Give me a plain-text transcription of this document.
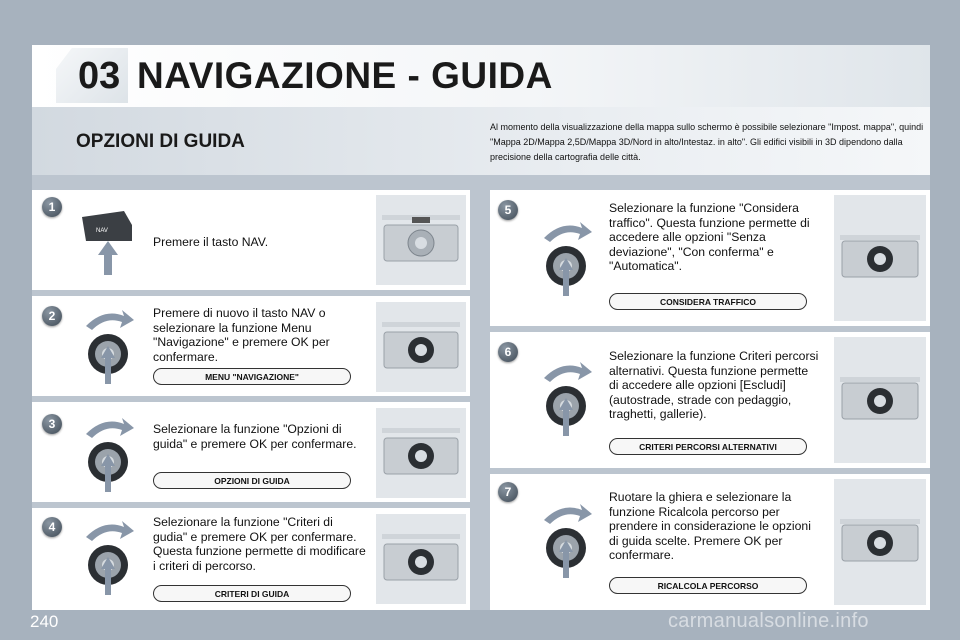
03 NAVIGAZIONE - GUIDA
OPZIONI DI GUIDA
Al momento della visualizzazione della mappa sullo schermo è possibile selezionare "Impost. mappa", quindi "Mappa 2D/Mappa 2,5D/Mappa 3D/Nord in alto/Intestaz. in alto". Gli edifici visibili in 3D dipendono dalla precisione della cartografia delle città.
1
NAV
Premere il tasto NAV.
2	Premere di nuovo il tasto NAV o selezionare la funzione Menu "Navigazione" e premere OK per confermare.
MENU "NAVIGAZIONE"
3	Selezionare la funzione "Opzioni di guida" e premere OK per confermare.
OPZIONI DI GUIDA
4	Selezionare la funzione "Criteri di gudia" e premere OK per confermare. Questa funzione permette di modificare i criteri di percorso.
CRITERI DI GUIDA
5	Selezionare la funzione "Considera traffico". Questa funzione permette di accedere alle opzioni "Senza deviazione", "Con conferma" e "Automatica".
CONSIDERA TRAFFICO
6	Selezionare la funzione Criteri percorsi alternativi. Questa funzione permette di accedere alle opzioni [Escludi] (autostrade, strade con pedaggio, traghetti, gallerie).
CRITERI PERCORSI ALTERNATIVI
7	Ruotare la ghiera e selezionare la funzione Ricalcola percorso per prendere in considerazione le opzioni di guida scelte. Premere OK per confermare.
RICALCOLA PERCORSO
240	carmanualsonline.info
